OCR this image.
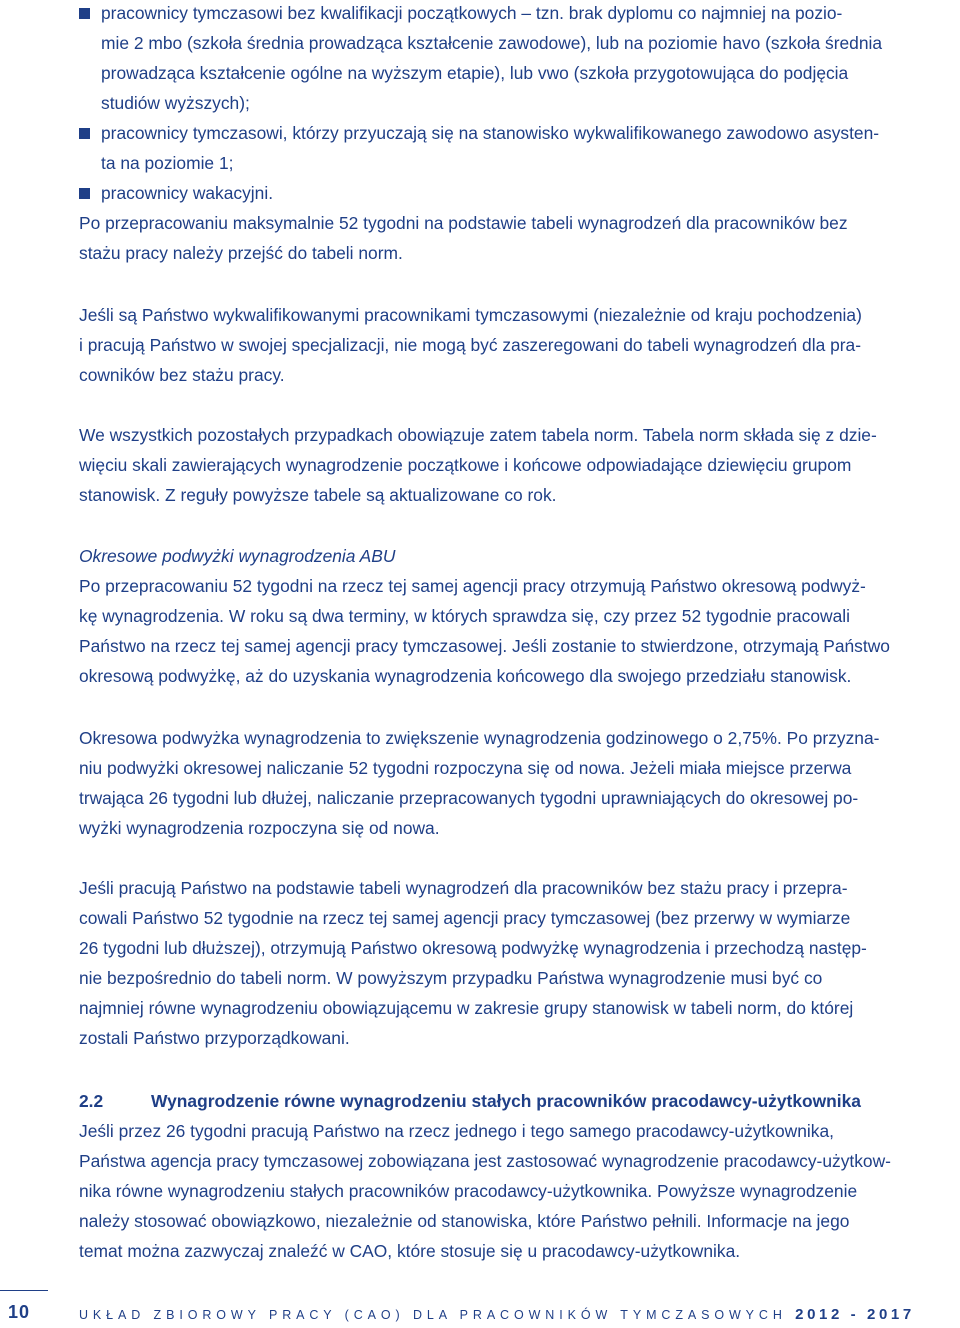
pracownicy tymczasowi bez kwalifikacji początkowych – tzn. brak dyplomu co najmniej na pozio-
mie 2 mbo (szkoła średnia prowadząca kształcenie zawodowe), lub na poziomie havo (szkoła średnia
prowadząca kształcenie ogólne na wyższym etapie), lub vwo (szkoła przygotowująca do podjęcia
studiów wyższych);
pracownicy tymczasowi, którzy przyuczają się na stanowisko wykwalifikowanego zawodowo asysten-
ta na poziomie 1;
pracownicy wakacyjni.
Po przepracowaniu maksymalnie 52 tygodni na podstawie tabeli wynagrodzeń dla pracowników bez
stażu pracy należy przejść do tabeli norm.
Jeśli są Państwo wykwalifikowanymi pracownikami tymczasowymi (niezależnie od kraju pochodzenia)
i pracują Państwo w swojej specjalizacji, nie mogą być zaszeregowani do tabeli wynagrodzeń dla pra-
cowników bez stażu pracy.
We wszystkich pozostałych przypadkach obowiązuje zatem tabela norm. Tabela norm składa się z dzie-
więciu skali zawierających wynagrodzenie początkowe i końcowe odpowiadające dziewięciu grupom
stanowisk. Z reguły powyższe tabele są aktualizowane co rok.
Okresowe podwyżki wynagrodzenia ABU
Po przepracowaniu 52 tygodni na rzecz tej samej agencji pracy otrzymują Państwo okresową podwyż-
kę wynagrodzenia. W roku są dwa terminy, w których sprawdza się, czy przez 52 tygodnie pracowali
Państwo na rzecz tej samej agencji pracy tymczasowej. Jeśli zostanie to stwierdzone, otrzymają Państwo
okresową podwyżkę, aż do uzyskania wynagrodzenia końcowego dla swojego przedziału stanowisk.
Okresowa podwyżka wynagrodzenia to zwiększenie wynagrodzenia godzinowego o 2,75%. Po przyzna-
niu podwyżki okresowej naliczanie 52 tygodni rozpoczyna się od nowa. Jeżeli miała miejsce przerwa
trwająca 26 tygodni lub dłużej, naliczanie przepracowanych tygodni uprawniających do okresowej po-
wyżki wynagrodzenia rozpoczyna się od nowa.
Jeśli pracują Państwo na podstawie tabeli wynagrodzeń dla pracowników bez stażu pracy i przepra-
cowali Państwo 52 tygodnie na rzecz tej samej agencji pracy tymczasowej (bez przerwy w wymiarze
26 tygodni lub dłuższej), otrzymują Państwo okresową podwyżkę wynagrodzenia i przechodzą następ-
nie bezpośrednio do tabeli norm. W powyższym przypadku Państwa wynagrodzenie musi być co
najmniej równe wynagrodzeniu obowiązującemu w zakresie grupy stanowisk w tabeli norm, do której
zostali Państwo przyporządkowani.
2.2	Wynagrodzenie równe wynagrodzeniu stałych pracowników pracodawcy-użytkownika
Jeśli przez 26 tygodni pracują Państwo na rzecz jednego i tego samego pracodawcy-użytkownika,
Państwa agencja pracy tymczasowej zobowiązana jest zastosować wynagrodzenie pracodawcy-użytkow-
nika równe wynagrodzeniu stałych pracowników pracodawcy-użytkownika. Powyższe wynagrodzenie
należy stosować obowiązkowo, niezależnie od stanowiska, które Państwo pełnili. Informacje na jego
temat można zazwyczaj znaleźć w CAO, które stosuje się u pracodawcy-użytkownika.
10	UKŁAD ZBIOROWY PRACY (CAO) DLA PRACOWNIKÓW TYMCZASOWYCH 2012 - 2017
